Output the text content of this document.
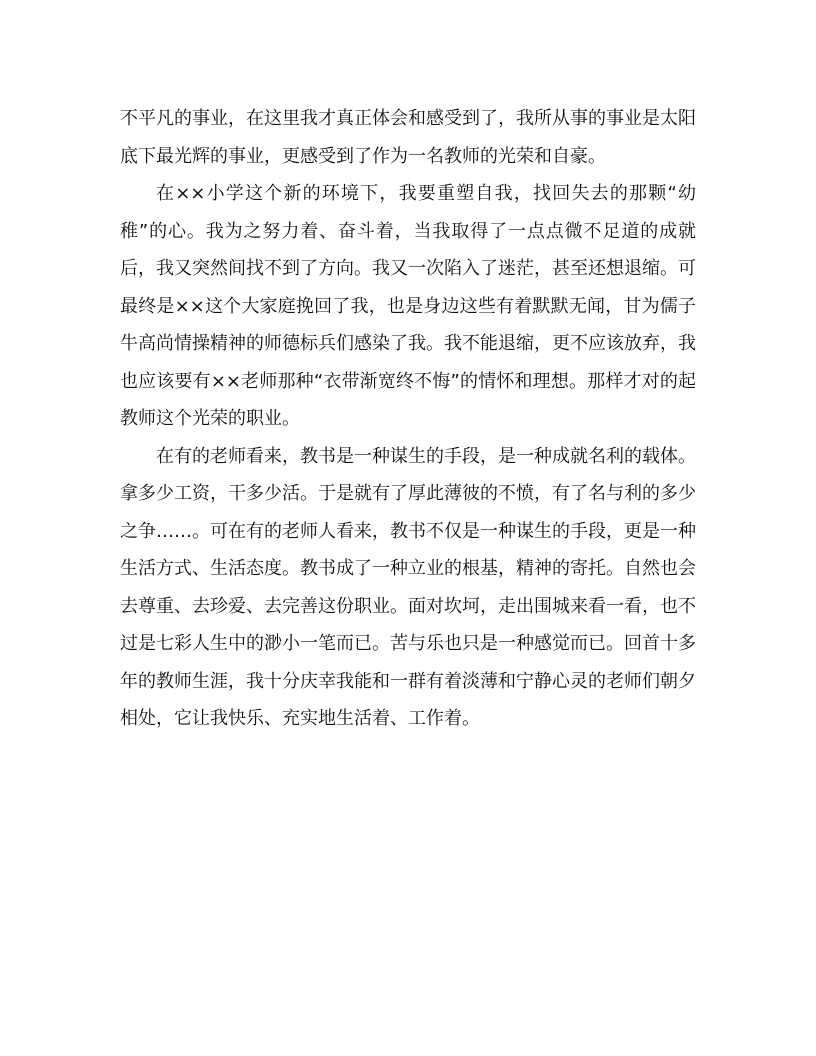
不平凡的事业，在这里我才真正体会和感受到了，我所从事的事业是太阳底下最光辉的事业，更感受到了作为一名教师的光荣和自豪。

在××小学这个新的环境下，我要重塑自我，找回失去的那颗“幼稚”的心。我为之努力着、奋斗着，当我取得了一点点微不足道的成就后，我又突然间找不到了方向。我又一次陷入了迷茫，甚至还想退缩。可最终是××这个大家庭挽回了我，也是身边这些有着默默无闻，甘为儒子牛高尚情操精神的师德标兵们感染了我。我不能退缩，更不应该放弃，我也应该要有××老师那种“衣带渐宽终不悔”的情怀和理想。那样才对的起教师这个光荣的职业。

在有的老师看来，教书是一种谋生的手段，是一种成就名利的载体。拿多少工资，干多少活。于是就有了厚此薄彼的不愤，有了名与利的多少之争……。可在有的老师人看来，教书不仅是一种谋生的手段，更是一种生活方式、生活态度。教书成了一种立业的根基，精神的寄托。自然也会去尊重、去珍爱、去完善这份职业。面对坎坷，走出围城来看一看，也不过是七彩人生中的渺小一笔而已。苦与乐也只是一种感觉而已。回首十多年的教师生涯，我十分庆幸我能和一群有着淡薄和宁静心灵的老师们朝夕相处，它让我快乐、充实地生活着、工作着。
